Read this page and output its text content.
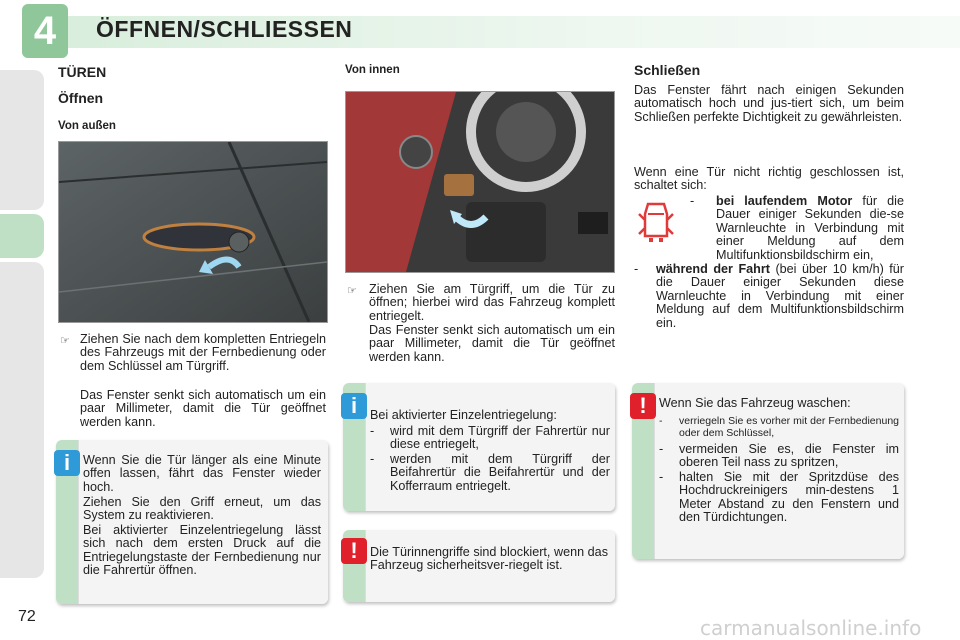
4	ÖFFNEN/SCHLIESSEN
TÜREN
Öffnen
Von außen
☞ Ziehen Sie nach dem kompletten Entriegeln des Fahrzeugs mit der Fernbedienung oder dem Schlüssel am Türgriff.
Das Fenster senkt sich automatisch um ein paar Millimeter, damit die Tür geöffnet werden kann.
i	Wenn Sie die Tür länger als eine Minute offen lassen, fährt das Fenster wieder hoch.
Ziehen Sie den Griff erneut, um das System zu reaktivieren.
Bei aktivierter Einzelentriegelung lässt sich nach dem ersten Druck auf die Entriegelungstaste der Fernbedienung nur die Fahrertür öffnen.
Von innen
☞ Ziehen Sie am Türgriff, um die Tür zu öffnen; hierbei wird das Fahrzeug komplett entriegelt.
Das Fenster senkt sich automatisch um ein paar Millimeter, damit die Tür geöffnet werden kann.
i	Bei aktivierter Einzelentriegelung:
- wird mit dem Türgriff der Fahrertür nur diese entriegelt,
- werden mit dem Türgriff der Beifahrertür die Beifahrertür und der Kofferraum entriegelt.
! Die Türinnengriffe sind blockiert, wenn das Fahrzeug sicherheitsver-riegelt ist.
Schließen
Das Fenster fährt nach einigen Sekunden automatisch hoch und jus-tiert sich, um beim Schließen perfekte Dichtigkeit zu gewährleisten.
Wenn eine Tür nicht richtig geschlossen ist, schaltet sich:
-	bei laufendem Motor für die Dauer einiger Sekunden die-se Warnleuchte in Verbindung mit einer Meldung auf dem Multifunktionsbildschirm ein,
-	während der Fahrt (bei über 10 km/h) für die Dauer einiger Sekunden diese Warnleuchte in Verbindung mit einer Meldung auf dem Multifunktionsbildschirm ein.
! Wenn Sie das Fahrzeug waschen:
- verriegeln Sie es vorher mit der Fernbedienung oder dem Schlüssel,
- vermeiden Sie es, die Fenster im oberen Teil nass zu spritzen,
- halten Sie mit der Spritzdüse des Hochdruckreinigers min-destens 1 Meter Abstand zu den Fenstern und den Türdichtungen.
72	carmanualsonline.info
